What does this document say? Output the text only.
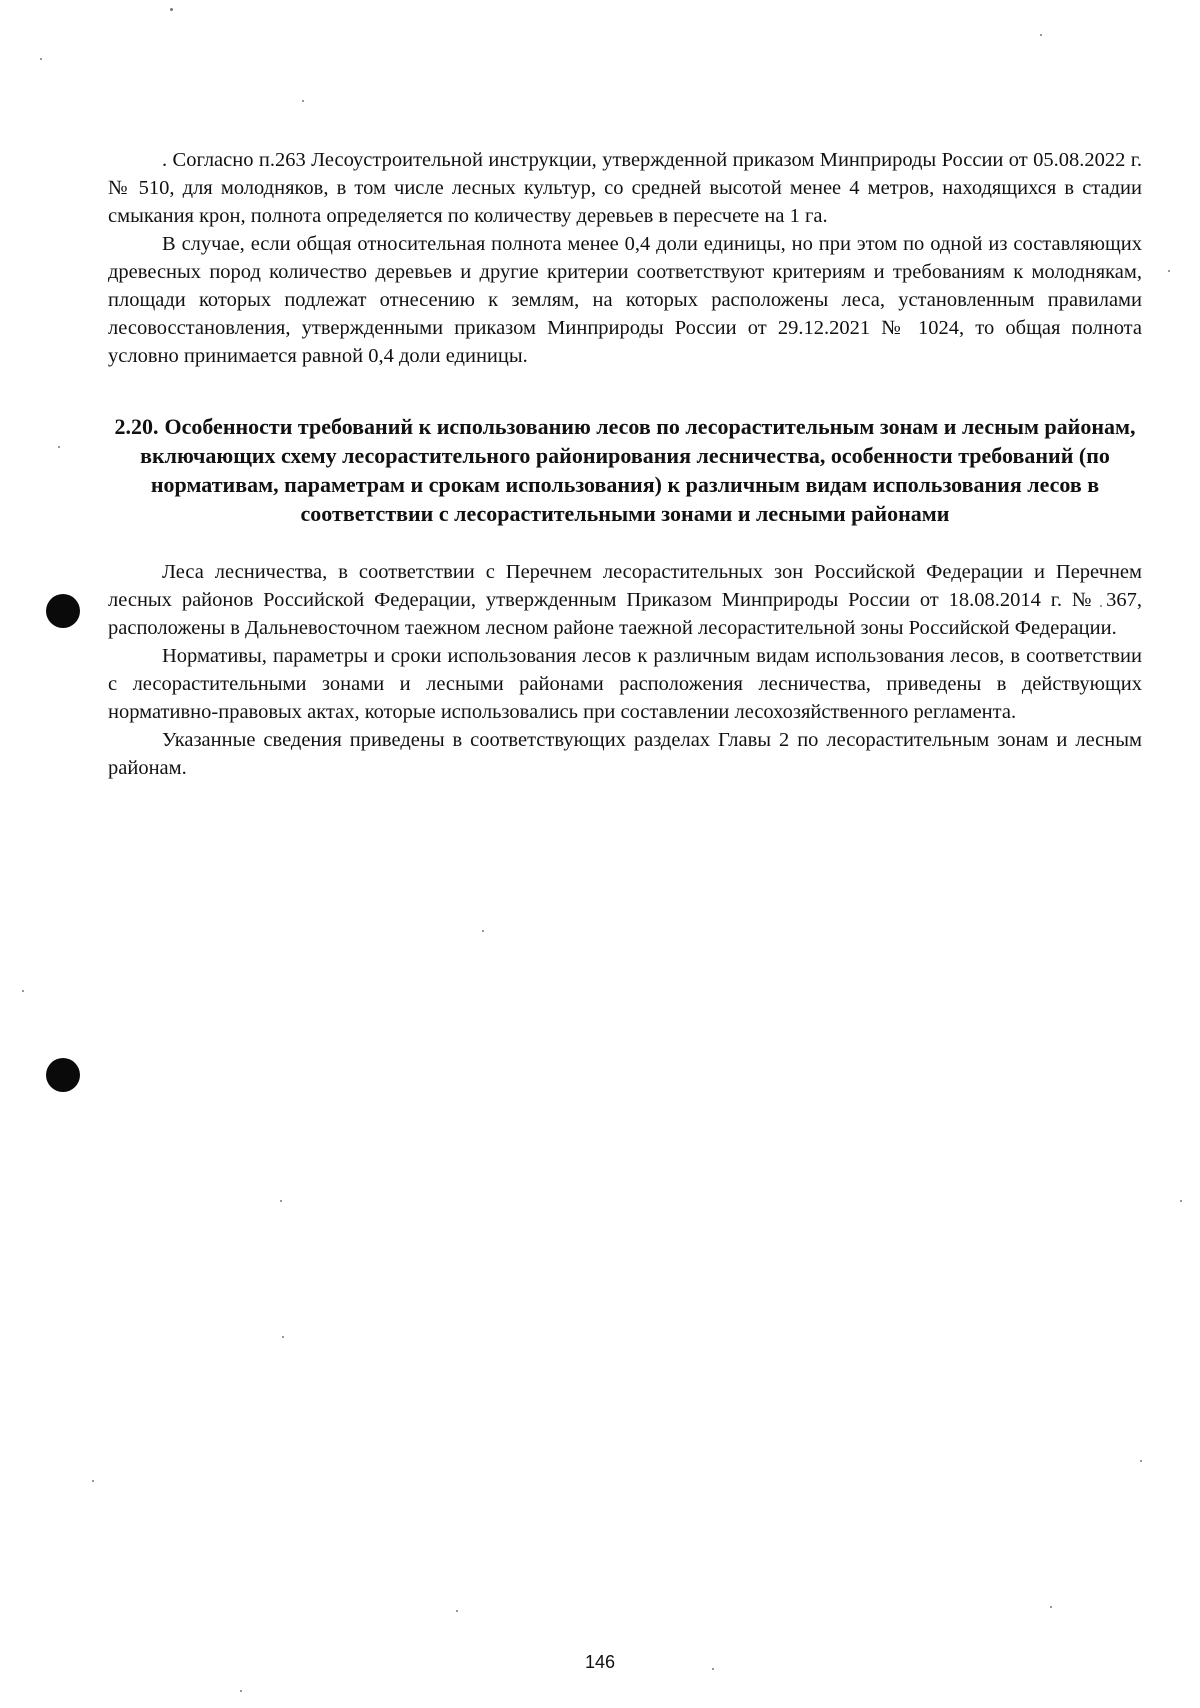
. Согласно п.263 Лесоустроительной инструкции, утвержденной приказом Минприроды России от 05.08.2022 г. № 510, для молодняков, в том числе лесных культур, со средней высотой менее 4 метров, находящихся в стадии смыкания крон, полнота определяется по количеству деревьев в пересчете на 1 га.

В случае, если общая относительная полнота менее 0,4 доли единицы, но при этом по одной из составляющих древесных пород количество деревьев и другие критерии соответствуют критериям и требованиям к молоднякам, площади которых подлежат отнесению к землям, на которых расположены леса, установленным правилами лесовосстановления, утвержденными приказом Минприроды России от 29.12.2021 № 1024, то общая полнота условно принимается равной 0,4 доли единицы.

2.20. Особенности требований к использованию лесов по лесорастительным зонам и лесным районам, включающих схему лесорастительного районирования лесничества, особенности требований (по нормативам, параметрам и срокам использования) к различным видам использования лесов в соответствии с лесорастительными зонами и лесными районами

Леса лесничества, в соответствии с Перечнем лесорастительных зон Российской Федерации и Перечнем лесных районов Российской Федерации, утвержденным Приказом Минприроды России от 18.08.2014 г. № 367, расположены в Дальневосточном таежном лесном районе таежной лесорастительной зоны Российской Федерации.

Нормативы, параметры и сроки использования лесов к различным видам использования лесов, в соответствии с лесорастительными зонами и лесными районами расположения лесничества, приведены в действующих нормативно-правовых актах, которые использовались при составлении лесохозяйственного регламента.

Указанные сведения приведены в соответствующих разделах Главы 2 по лесорастительным зонам и лесным районам.

146
